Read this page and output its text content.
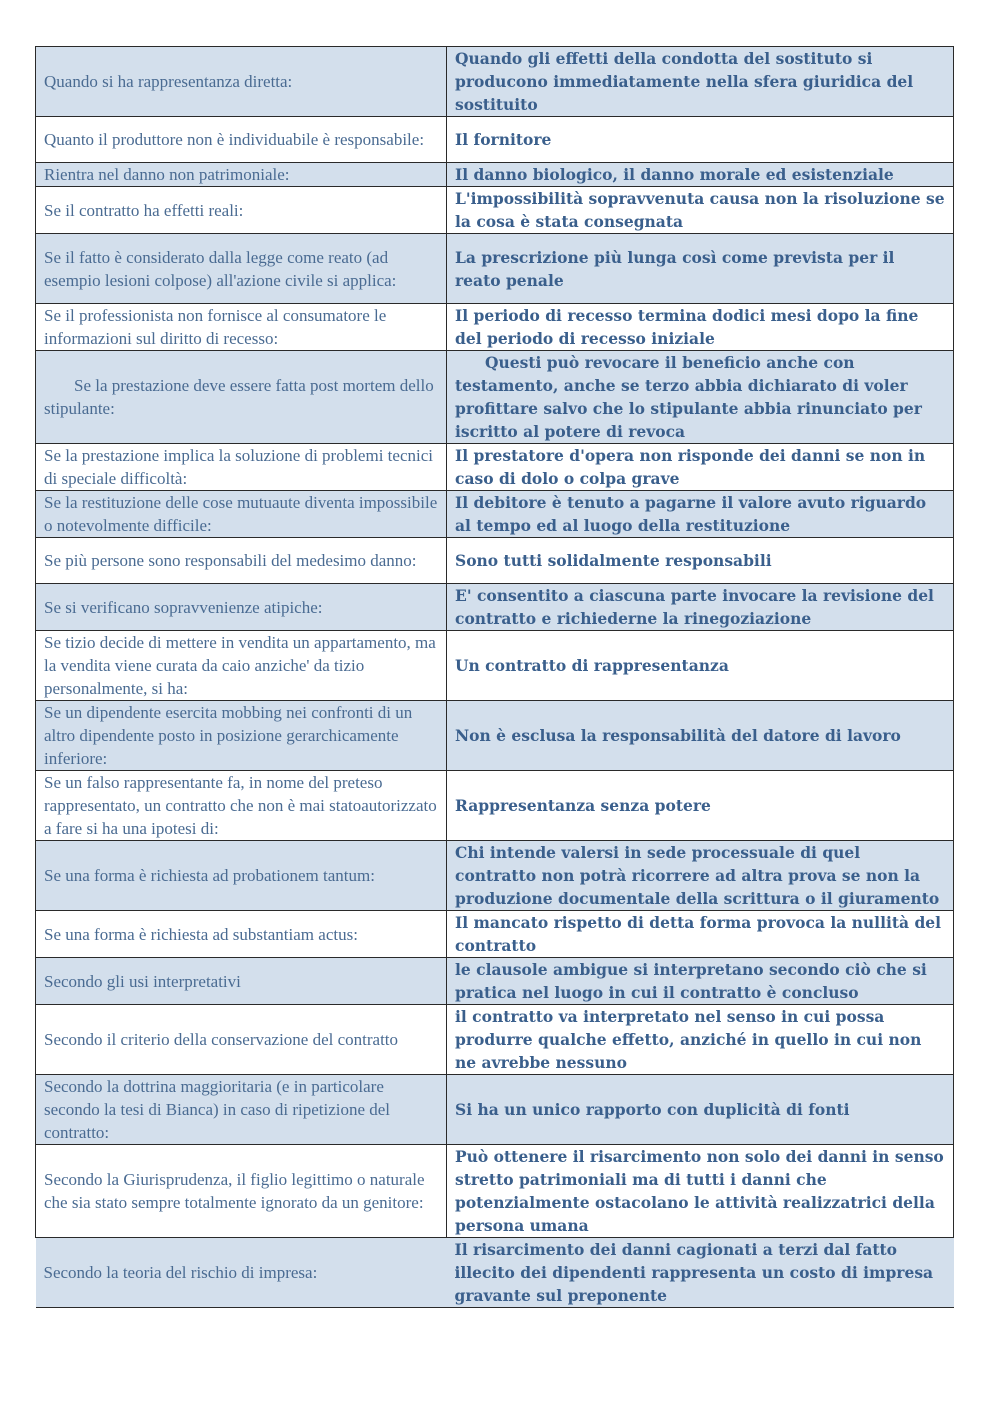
Quando si ha rappresentanza diretta:	Quando gli effetti della condotta del sostituto si producono immediatamente nella sfera giuridica del sostituito
Quanto il produttore non è individuabile è responsabile:	Il fornitore
Rientra nel danno non patrimoniale:	Il danno biologico, il danno morale ed esistenziale
Se il contratto ha effetti reali:	L'impossibilità sopravvenuta causa non la risoluzione se la cosa è stata consegnata
Se il fatto è considerato dalla legge come reato (ad esempio lesioni colpose) all'azione civile si applica:	La prescrizione più lunga così come prevista per il reato penale
Se il professionista non fornisce al consumatore le informazioni sul diritto di recesso:	Il periodo di recesso termina dodici mesi dopo la fine del periodo di recesso iniziale
Se la prestazione deve essere fatta post mortem dello stipulante:	Questi può revocare il beneficio anche con testamento, anche se terzo abbia dichiarato di voler profittare salvo che lo stipulante abbia rinunciato per iscritto al potere di revoca
Se la prestazione implica la soluzione di problemi tecnici di speciale difficoltà:	Il prestatore d'opera non risponde dei danni se non in caso di dolo o colpa grave
Se la restituzione delle cose mutuaute diventa impossibile o notevolmente difficile:	Il debitore è tenuto a pagarne il valore avuto riguardo al tempo ed al luogo della restituzione
Se più persone sono responsabili del medesimo danno:	Sono tutti solidalmente responsabili
Se si verificano sopravvenienze atipiche:	E' consentito a ciascuna parte invocare la revisione del contratto e richiederne la rinegoziazione
Se tizio decide di mettere in vendita un appartamento, ma la vendita viene curata da caio anziche' da tizio personalmente, si ha:	Un contratto di rappresentanza
Se un dipendente esercita mobbing nei confronti di un altro dipendente posto in posizione gerarchicamente inferiore:	Non è esclusa la responsabilità del datore di lavoro
Se un falso rappresentante fa, in nome del preteso rappresentato, un contratto che non è mai statoautorizzato a fare si ha una ipotesi di:	Rappresentanza senza potere
Se una forma è richiesta ad probationem tantum:	Chi intende valersi in sede processuale di quel contratto non potrà ricorrere ad altra prova se non la produzione documentale della scrittura o il giuramento
Se una forma è richiesta ad substantiam actus:	Il mancato rispetto di detta forma provoca la nullità del contratto
Secondo gli usi interpretativi	le clausole ambigue si interpretano secondo ciò che si pratica nel luogo in cui il contratto è concluso
Secondo il criterio della conservazione del contratto	il contratto va interpretato nel senso in cui possa produrre qualche effetto, anziché in quello in cui non ne avrebbe nessuno
Secondo la dottrina maggioritaria (e in particolare secondo la tesi di Bianca) in caso di ripetizione del contratto:	Si ha un unico rapporto con duplicità di fonti
Secondo la Giurisprudenza, il figlio legittimo o naturale che sia stato sempre totalmente ignorato da un genitore:	Può ottenere il risarcimento non solo dei danni in senso stretto patrimoniali ma di tutti i danni che potenzialmente ostacolano le attività realizzatrici della persona umana
Secondo la teoria del rischio di impresa:	Il risarcimento dei danni cagionati a terzi dal fatto illecito dei dipendenti rappresenta un costo di impresa gravante sul preponente
